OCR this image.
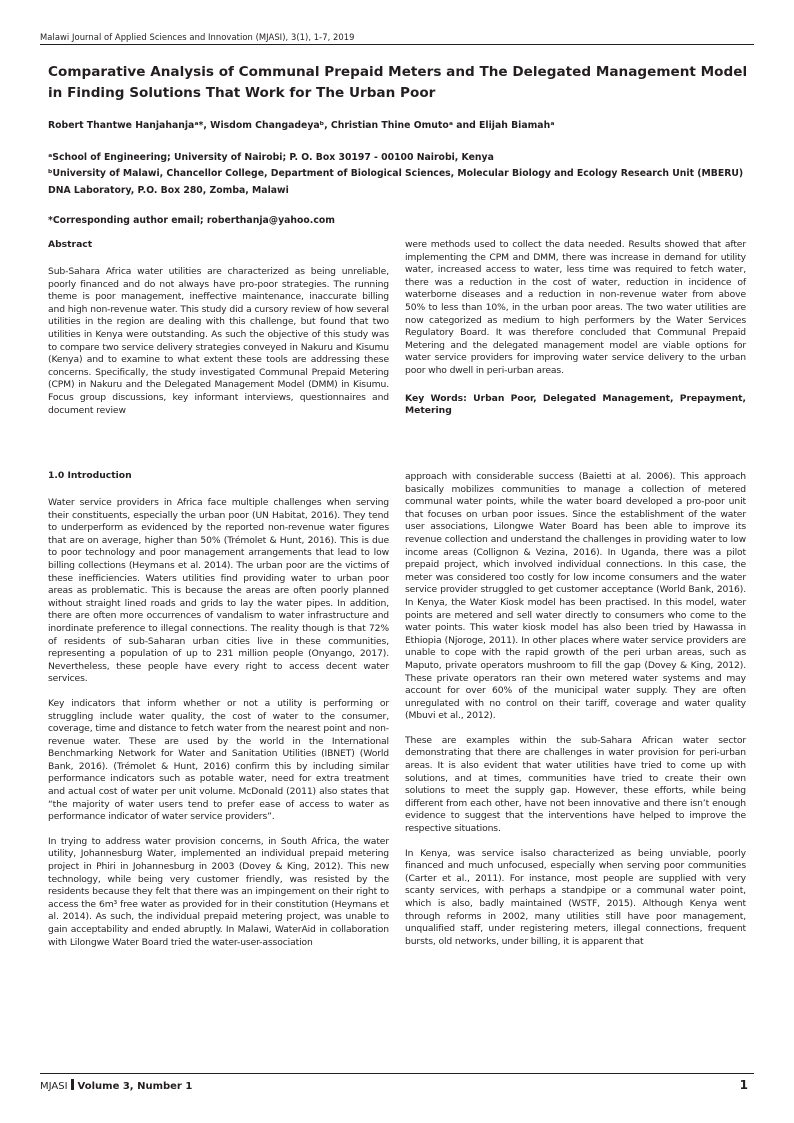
Malawi Journal of Applied Sciences and Innovation (MJASI), 3(1), 1-7, 2019
Comparative Analysis of Communal Prepaid Meters and The Delegated Management Model in Finding Solutions That Work for The Urban Poor
Robert Thantwe Hanjahanjaᵃ*, Wisdom Changadeyaᵇ, Christian Thine Omutoᵃ and Elijah Biamahᵃ
ᵃSchool of Engineering; University of Nairobi; P. O. Box 30197 - 00100 Nairobi, Kenya
ᵇUniversity of Malawi, Chancellor College, Department of Biological Sciences, Molecular Biology and Ecology Research Unit (MBERU) DNA Laboratory, P.O. Box 280, Zomba, Malawi
*Corresponding author email; roberthanja@yahoo.com

Abstract

Sub-Sahara Africa water utilities are characterized as being unreliable, poorly financed and do not always have pro-poor strategies. The running theme is poor management, ineffective maintenance, inaccurate billing and high non-revenue water. This study did a cursory review of how several utilities in the region are dealing with this challenge, but found that two utilities in Kenya were outstanding. As such the objective of this study was to compare two service delivery strategies conveyed in Nakuru and Kisumu (Kenya) and to examine to what extent these tools are addressing these concerns. Specifically, the study investigated Communal Prepaid Metering (CPM) in Nakuru and the Delegated Management Model (DMM) in Kisumu. Focus group discussions, key informant interviews, questionnaires and document review

were methods used to collect the data needed. Results showed that after implementing the CPM and DMM, there was increase in demand for utility water, increased access to water, less time was required to fetch water, there was a reduction in the cost of water, reduction in incidence of waterborne diseases and a reduction in non-revenue water from above 50% to less than 10%, in the urban poor areas. The two water utilities are now categorized as medium to high performers by the Water Services Regulatory Board. It was therefore concluded that Communal Prepaid Metering and the delegated management model are viable options for water service providers for improving water service delivery to the urban poor who dwell in peri-urban areas.

Key Words: Urban Poor, Delegated Management, Prepayment, Metering

1.0 Introduction

Water service providers in Africa face multiple challenges when serving their constituents, especially the urban poor (UN Habitat, 2016). They tend to underperform as evidenced by the reported non-revenue water figures that are on average, higher than 50% (Trémolet & Hunt, 2016). This is due to poor technology and poor management arrangements that lead to low billing collections (Heymans et al. 2014). The urban poor are the victims of these inefficiencies. Waters utilities find providing water to urban poor areas as problematic. This is because the areas are often poorly planned without straight lined roads and grids to lay the water pipes. In addition, there are often more occurrences of vandalism to water infrastructure and inordinate preference to illegal connections. The reality though is that 72% of residents of sub-Saharan urban cities live in these communities, representing a population of up to 231 million people (Onyango, 2017). Nevertheless, these people have every right to access decent water services.

Key indicators that inform whether or not a utility is performing or struggling include water quality, the cost of water to the consumer, coverage, time and distance to fetch water from the nearest point and non-revenue water. These are used by the world in the International Benchmarking Network for Water and Sanitation Utilities (IBNET) (World Bank, 2016). (Trémolet & Hunt, 2016) confirm this by including similar performance indicators such as potable water, need for extra treatment and actual cost of water per unit volume. McDonald (2011) also states that “the majority of water users tend to prefer ease of access to water as performance indicator of water service providers”.

In trying to address water provision concerns, in South Africa, the water utility, Johannesburg Water, implemented an individual prepaid metering project in Phiri in Johannesburg in 2003 (Dovey & King, 2012). This new technology, while being very customer friendly, was resisted by the residents because they felt that there was an impingement on their right to access the 6m³ free water as provided for in their constitution (Heymans et al. 2014). As such, the individual prepaid metering project, was unable to gain acceptability and ended abruptly. In Malawi, WaterAid in collaboration with Lilongwe Water Board tried the water-user-association

approach with considerable success (Baietti at al. 2006). This approach basically mobilizes communities to manage a collection of metered communal water points, while the water board developed a pro-poor unit that focuses on urban poor issues. Since the establishment of the water user associations, Lilongwe Water Board has been able to improve its revenue collection and understand the challenges in providing water to low income areas (Collignon & Vezina, 2016). In Uganda, there was a pilot prepaid project, which involved individual connections. In this case, the meter was considered too costly for low income consumers and the water service provider struggled to get customer acceptance (World Bank, 2016). In Kenya, the Water Kiosk model has been practised. In this model, water points are metered and sell water directly to consumers who come to the water points. This water kiosk model has also been tried by Hawassa in Ethiopia (Njoroge, 2011). In other places where water service providers are unable to cope with the rapid growth of the peri urban areas, such as Maputo, private operators mushroom to fill the gap (Dovey & King, 2012). These private operators ran their own metered water systems and may account for over 60% of the municipal water supply. They are often unregulated with no control on their tariff, coverage and water quality (Mbuvi et al., 2012).

These are examples within the sub-Sahara African water sector demonstrating that there are challenges in water provision for peri-urban areas. It is also evident that water utilities have tried to come up with solutions, and at times, communities have tried to create their own solutions to meet the supply gap. However, these efforts, while being different from each other, have not been innovative and there isn’t enough evidence to suggest that the interventions have helped to improve the respective situations.

In Kenya, was service isalso characterized as being unviable, poorly financed and much unfocused, especially when serving poor communities (Carter et al., 2011). For instance, most people are supplied with very scanty services, with perhaps a standpipe or a communal water point, which is also, badly maintained (WSTF, 2015). Although Kenya went through reforms in 2002, many utilities still have poor management, unqualified staff, under registering meters, illegal connections, frequent bursts, old networks, under billing, it is apparent that

MJASI Volume 3, Number 1	1
